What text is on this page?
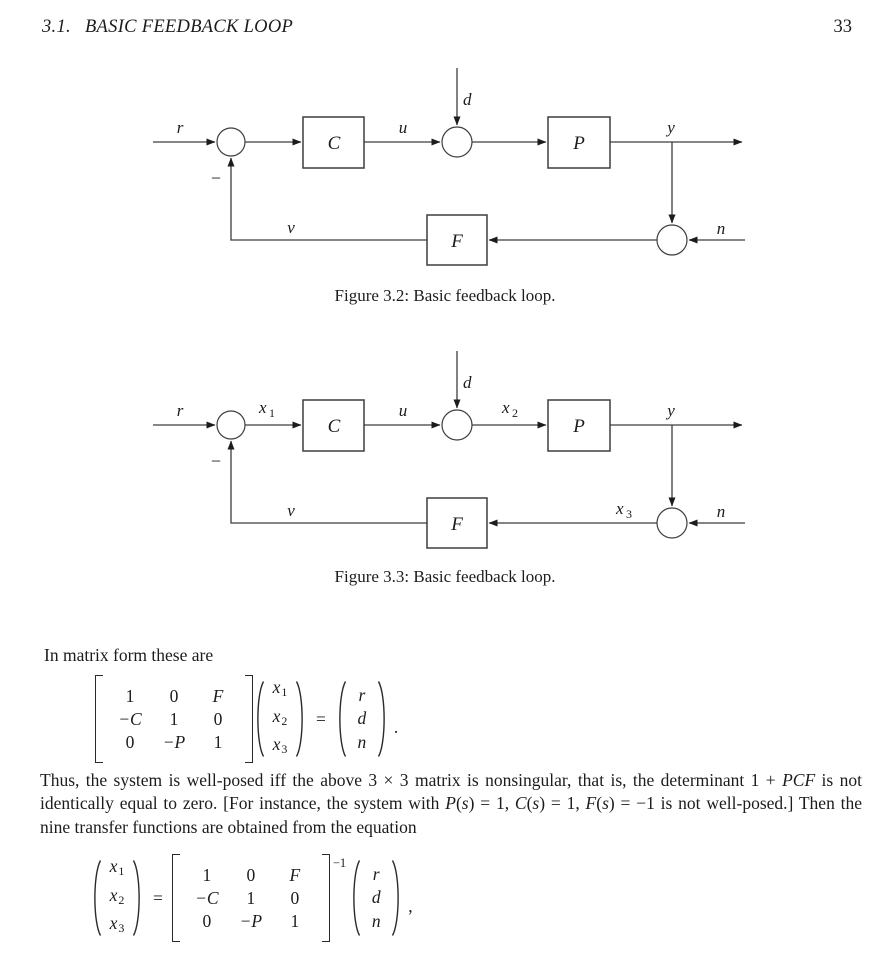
3.1. BASIC FEEDBACK LOOP	33
C	P
F
r	u	y
d
n
v
−
Figure 3.2: Basic feedback loop.
C	P
F
r	x 1	u	x 2	y
d
n
x 3
v
−
Figure 3.3: Basic feedback loop.
In matrix form these are
1	0	F
−C	1	0
0	−P	1
$x_1$
$x_2$
$x_3$
=
r
d
n
.

Thus, the system is well-posed iff the above 3 × 3 matrix is nonsingular, that is, the determinant 1 + PCF is not identically equal to zero. [For instance, the system with P(s) = 1, C(s) = 1, F(s) = −1 is not well-posed.] Then the nine transfer functions are obtained from the equation

$x_1$
$x_2$
$x_3$
=
1	0	F
−C	1	0
0	−P	1
−1
r
d
n
,
